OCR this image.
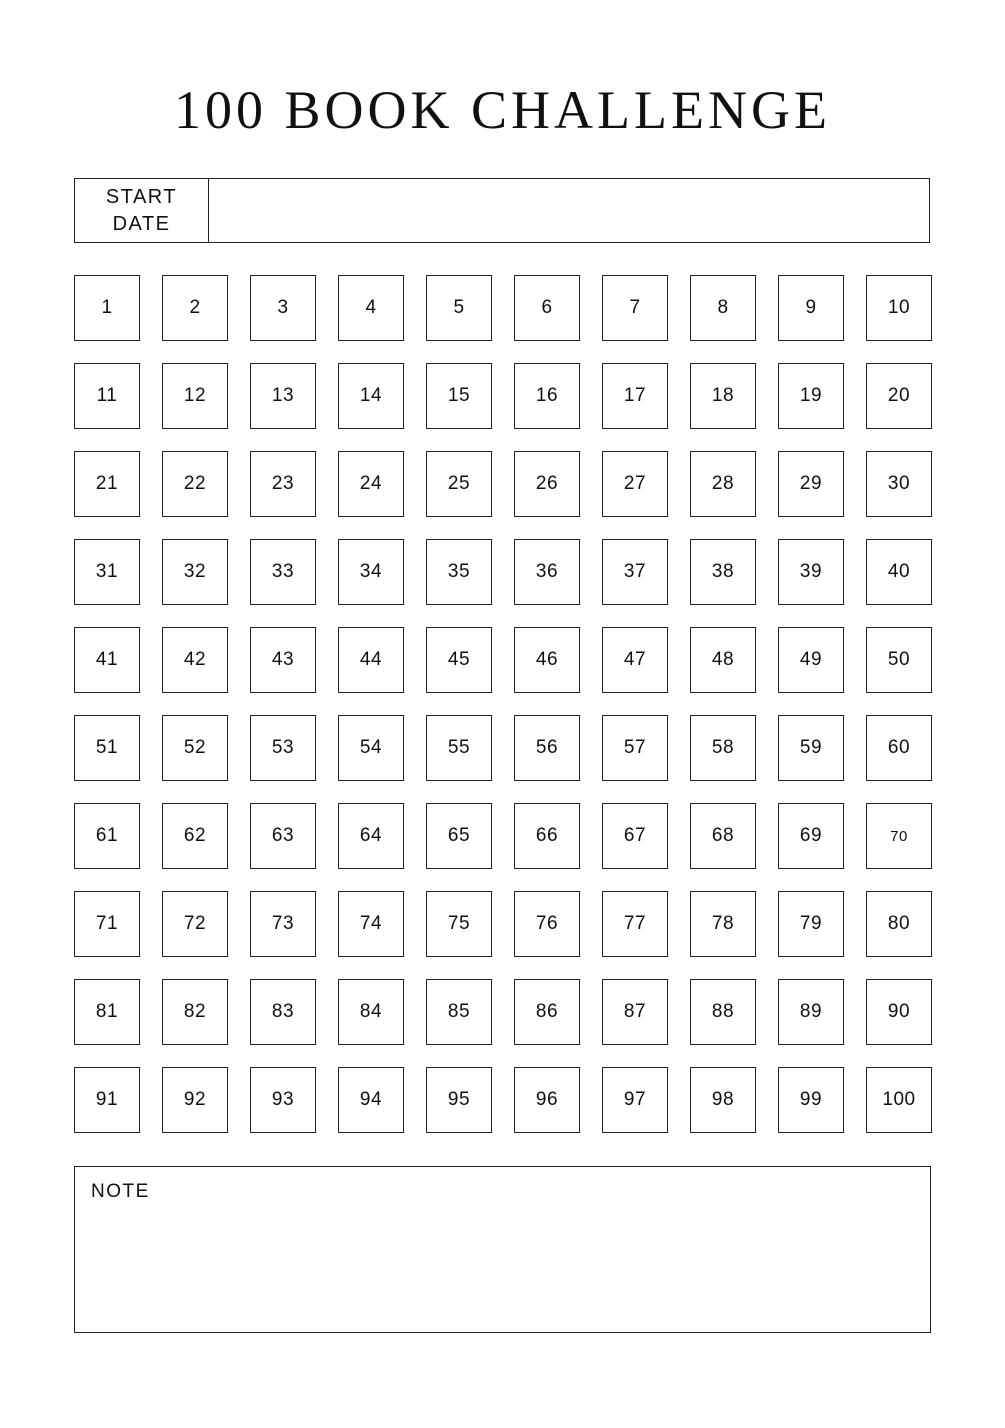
100 BOOK CHALLENGE
START
DATE
1	2	3	4	5	6	7	8	9	10
11	12	13	14	15	16	17	18	19	20
21	22	23	24	25	26	27	28	29	30
31	32	33	34	35	36	37	38	39	40
41	42	43	44	45	46	47	48	49	50
51	52	53	54	55	56	57	58	59	60
61	62	63	64	65	66	67	68	69	70
71	72	73	74	75	76	77	78	79	80
81	82	83	84	85	86	87	88	89	90
91	92	93	94	95	96	97	98	99	100
NOTE
